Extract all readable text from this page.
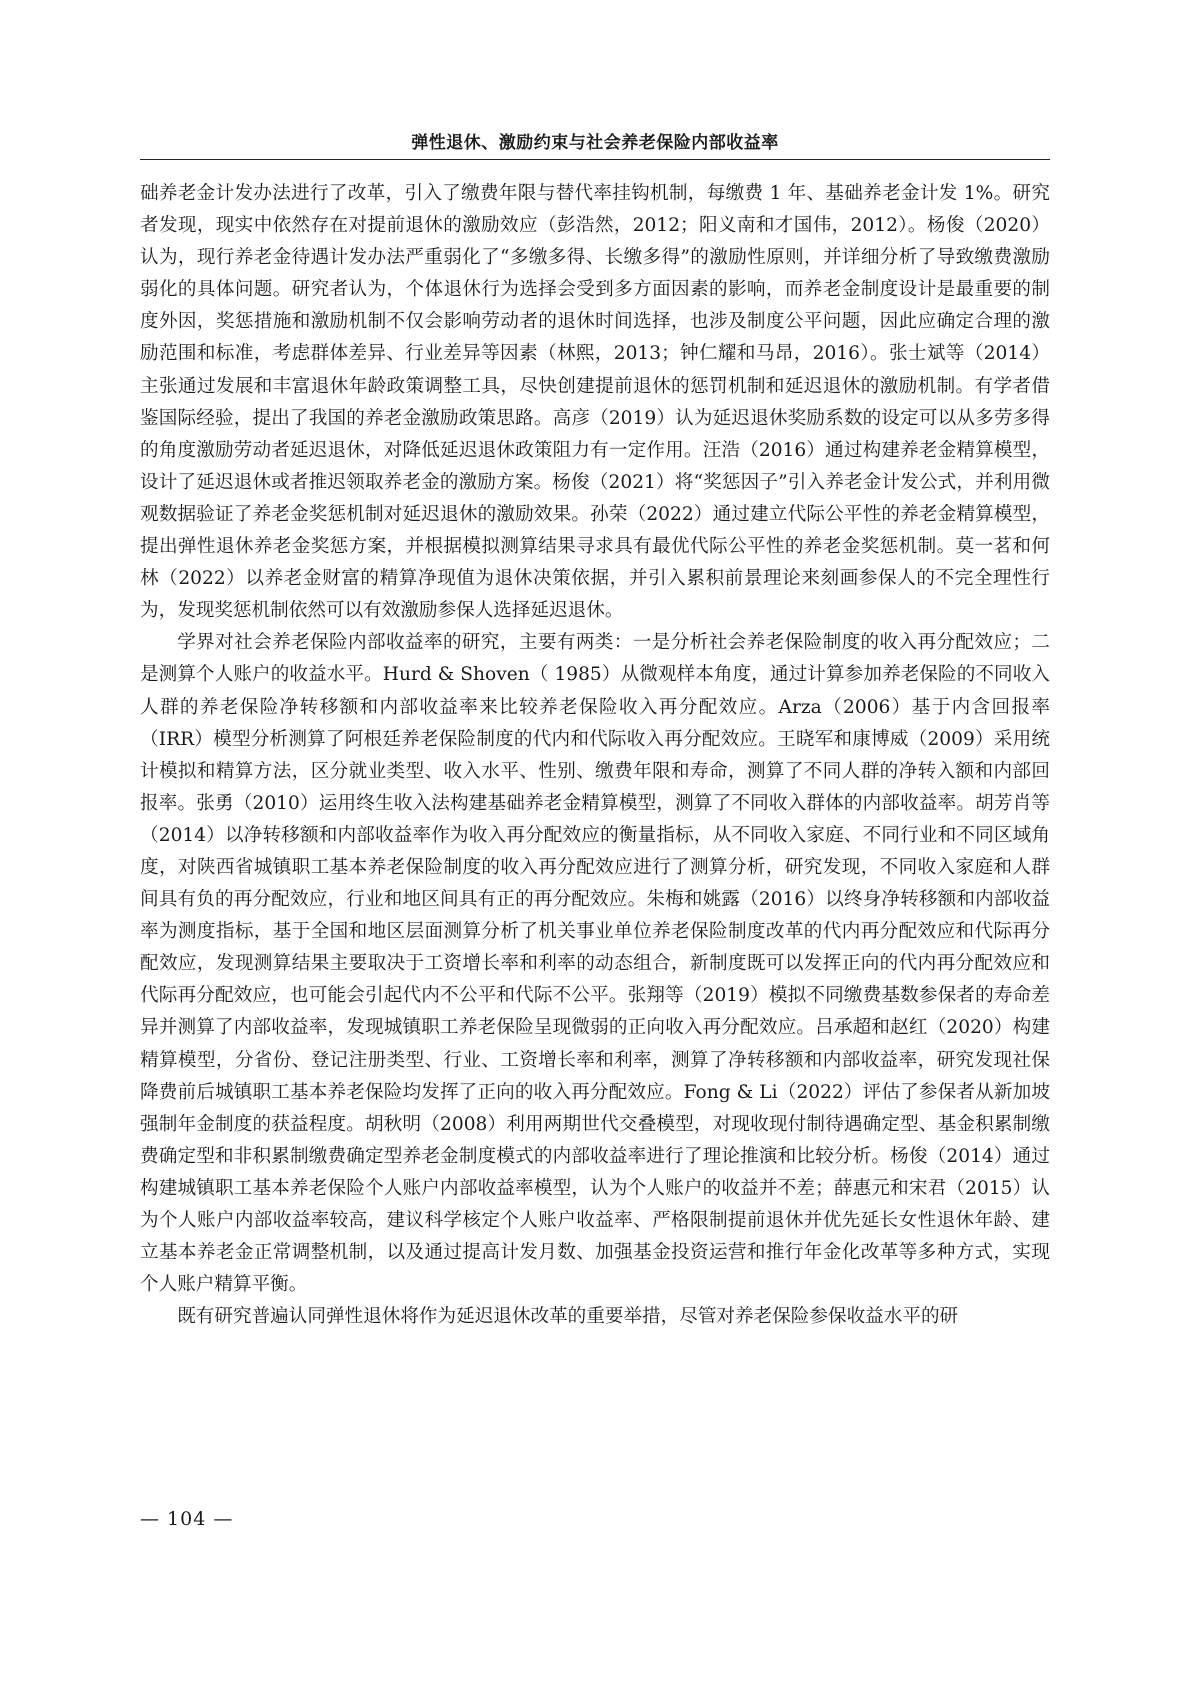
弹性退休、激励约束与社会养老保险内部收益率

础养老金计发办法进行了改革，引入了缴费年限与替代率挂钩机制，每缴费 1 年、基础养老金计发 1%。研究者发现，现实中依然存在对提前退休的激励效应（彭浩然，2012；阳义南和才国伟，2012）。杨俊（2020）认为，现行养老金待遇计发办法严重弱化了“多缴多得、长缴多得”的激励性原则，并详细分析了导致缴费激励弱化的具体问题。研究者认为，个体退休行为选择会受到多方面因素的影响，而养老金制度设计是最重要的制度外因，奖惩措施和激励机制不仅会影响劳动者的退休时间选择，也涉及制度公平问题，因此应确定合理的激励范围和标准，考虑群体差异、行业差异等因素（林熙，2013；钟仁耀和马昂，2016）。张士斌等（2014）主张通过发展和丰富退休年龄政策调整工具，尽快创建提前退休的惩罚机制和延迟退休的激励机制。有学者借鉴国际经验，提出了我国的养老金激励政策思路。高彦（2019）认为延迟退休奖励系数的设定可以从多劳多得的角度激励劳动者延迟退休，对降低延迟退休政策阻力有一定作用。汪浩（2016）通过构建养老金精算模型，设计了延迟退休或者推迟领取养老金的激励方案。杨俊（2021）将“奖惩因子”引入养老金计发公式，并利用微观数据验证了养老金奖惩机制对延迟退休的激励效果。孙荣（2022）通过建立代际公平性的养老金精算模型，提出弹性退休养老金奖惩方案，并根据模拟测算结果寻求具有最优代际公平性的养老金奖惩机制。莫一茗和何林（2022）以养老金财富的精算净现值为退休决策依据，并引入累积前景理论来刻画参保人的不完全理性行为，发现奖惩机制依然可以有效激励参保人选择延迟退休。

学界对社会养老保险内部收益率的研究，主要有两类：一是分析社会养老保险制度的收入再分配效应；二是测算个人账户的收益水平。Hurd & Shoven（ 1985）从微观样本角度，通过计算参加养老保险的不同收入人群的养老保险净转移额和内部收益率来比较养老保险收入再分配效应。Arza（2006）基于内含回报率（IRR）模型分析测算了阿根廷养老保险制度的代内和代际收入再分配效应。王晓军和康博威（2009）采用统计模拟和精算方法，区分就业类型、收入水平、性别、缴费年限和寿命，测算了不同人群的净转入额和内部回报率。张勇（2010）运用终生收入法构建基础养老金精算模型，测算了不同收入群体的内部收益率。胡芳肖等（2014）以净转移额和内部收益率作为收入再分配效应的衡量指标，从不同收入家庭、不同行业和不同区域角度，对陕西省城镇职工基本养老保险制度的收入再分配效应进行了测算分析，研究发现，不同收入家庭和人群间具有负的再分配效应，行业和地区间具有正的再分配效应。朱梅和姚露（2016）以终身净转移额和内部收益率为测度指标，基于全国和地区层面测算分析了机关事业单位养老保险制度改革的代内再分配效应和代际再分配效应，发现测算结果主要取决于工资增长率和利率的动态组合，新制度既可以发挥正向的代内再分配效应和代际再分配效应，也可能会引起代内不公平和代际不公平。张翔等（2019）模拟不同缴费基数参保者的寿命差异并测算了内部收益率，发现城镇职工养老保险呈现微弱的正向收入再分配效应。吕承超和赵红（2020）构建精算模型，分省份、登记注册类型、行业、工资增长率和利率，测算了净转移额和内部收益率，研究发现社保降费前后城镇职工基本养老保险均发挥了正向的收入再分配效应。Fong & Li（2022）评估了参保者从新加坡强制年金制度的获益程度。胡秋明（2008）利用两期世代交叠模型，对现收现付制待遇确定型、基金积累制缴费确定型和非积累制缴费确定型养老金制度模式的内部收益率进行了理论推演和比较分析。杨俊（2014）通过构建城镇职工基本养老保险个人账户内部收益率模型，认为个人账户的收益并不差；薛惠元和宋君（2015）认为个人账户内部收益率较高，建议科学核定个人账户收益率、严格限制提前退休并优先延长女性退休年龄、建立基本养老金正常调整机制，以及通过提高计发月数、加强基金投资运营和推行年金化改革等多种方式，实现个人账户精算平衡。

既有研究普遍认同弹性退休将作为延迟退休改革的重要举措，尽管对养老保险参保收益水平的研

— 104 —
